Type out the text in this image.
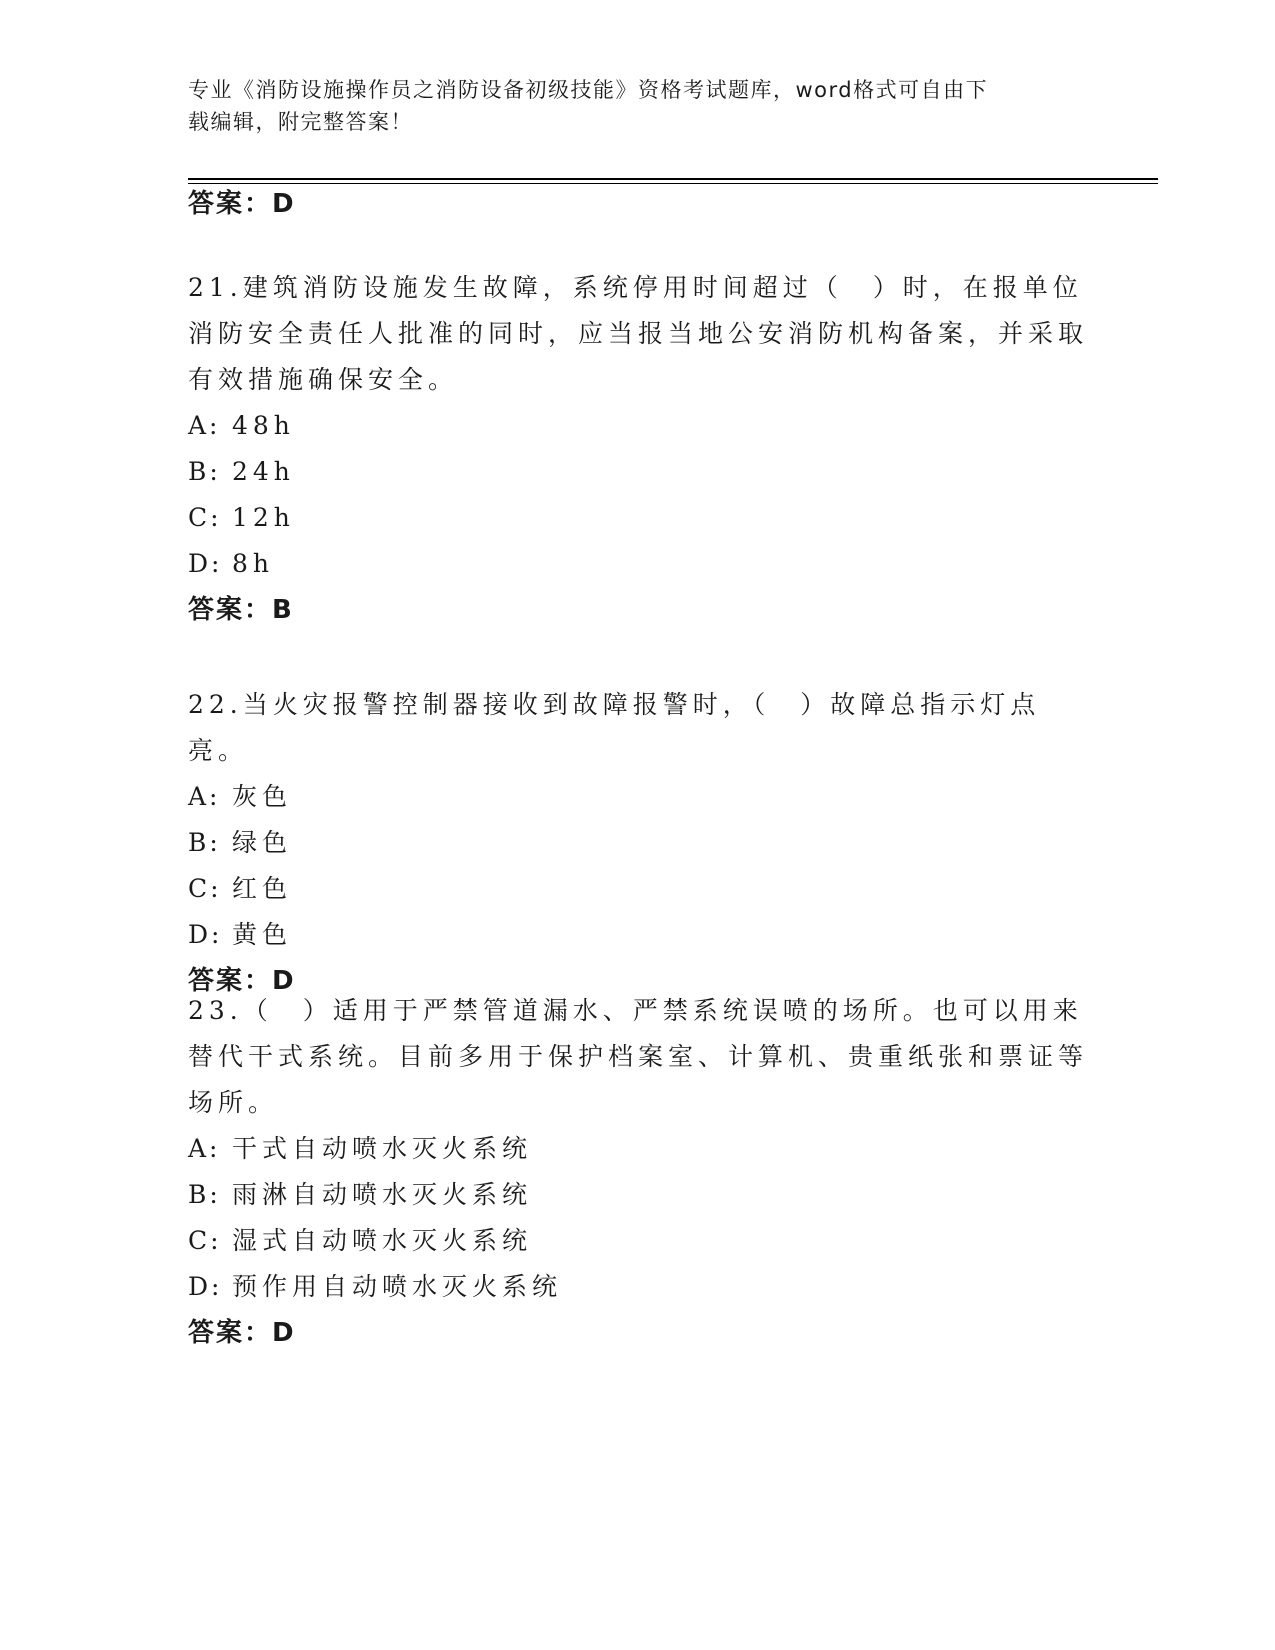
专业《消防设施操作员之消防设备初级技能》资格考试题库，word格式可自由下
载编辑，附完整答案！
答案：D

21.建筑消防设施发生故障，系统停用时间超过（　）时，在报单位消防安全责任人批准的同时，应当报当地公安消防机构备案，并采取有效措施确保安全。

A: 48h

B: 24h

C: 12h

D: 8h

答案：B

22.当火灾报警控制器接收到故障报警时，（　）故障总指示灯点亮。

A: 灰色

B: 绿色

C: 红色

D: 黄色

答案：D

23.（　）适用于严禁管道漏水、严禁系统误喷的场所。也可以用来替代干式系统。目前多用于保护档案室、计算机、贵重纸张和票证等场所。

A: 干式自动喷水灭火系统

B: 雨淋自动喷水灭火系统

C: 湿式自动喷水灭火系统

D: 预作用自动喷水灭火系统

答案：D
